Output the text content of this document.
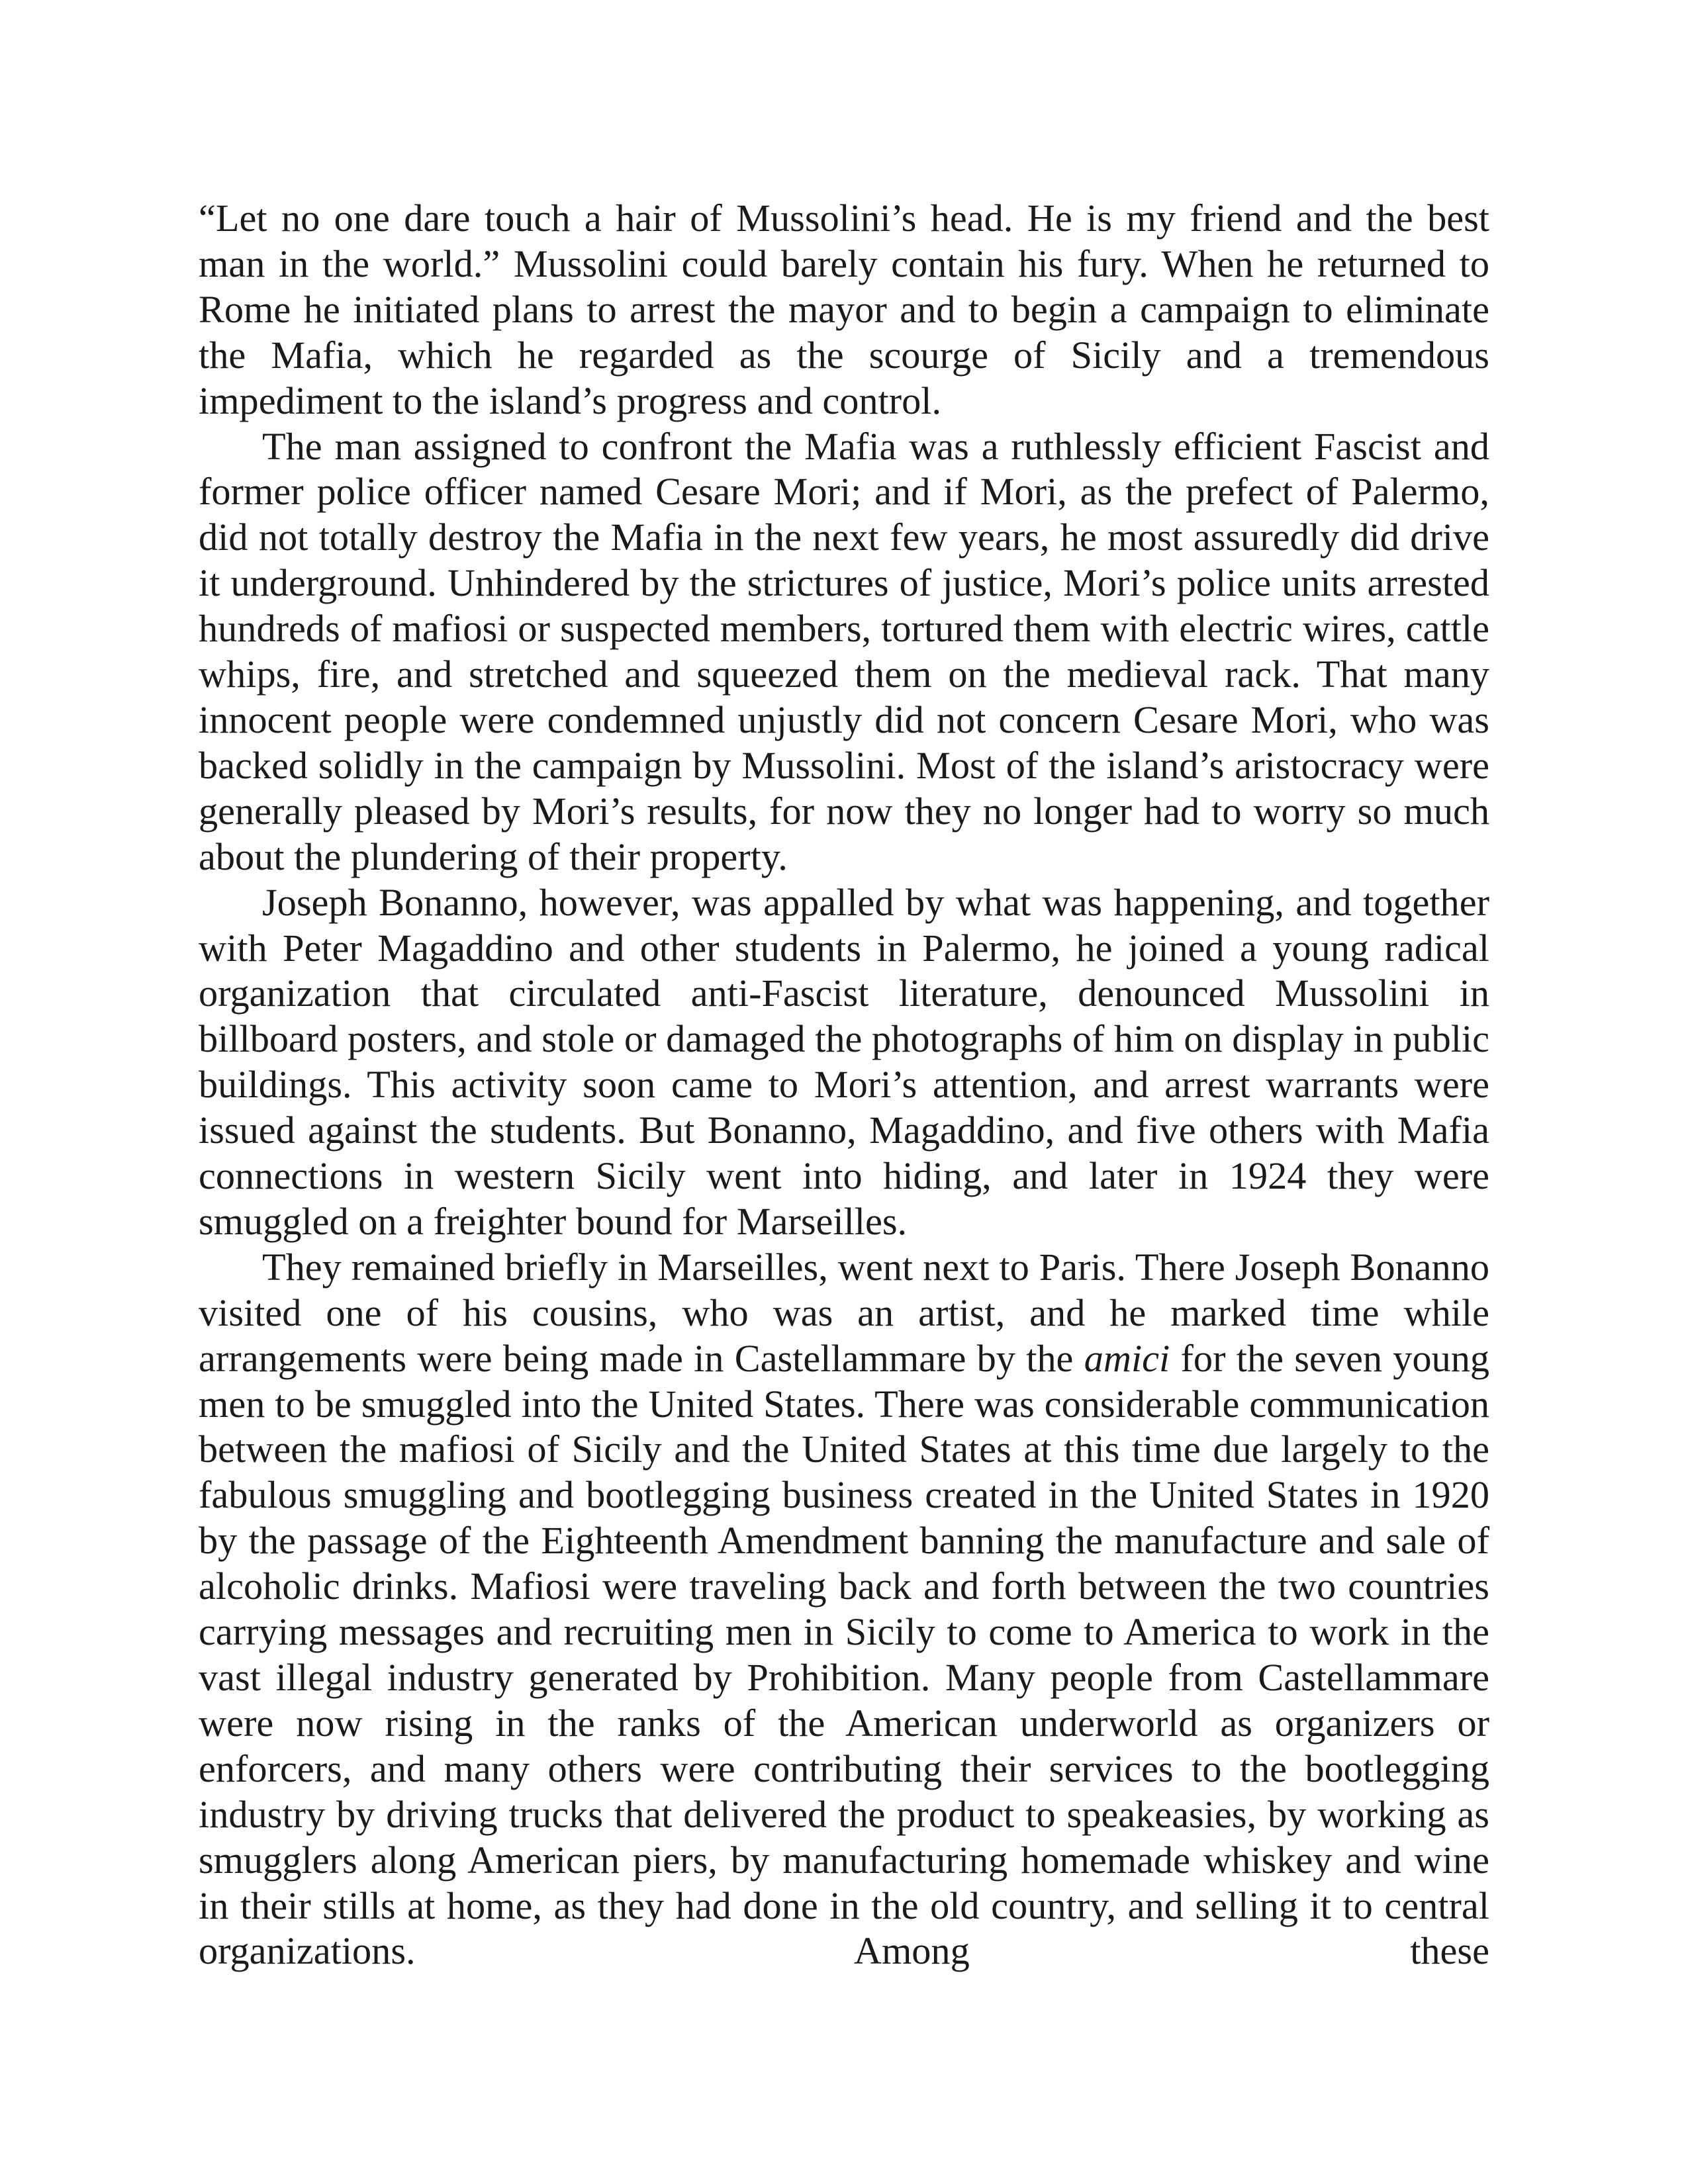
“Let no one dare touch a hair of Mussolini’s head. He is my friend and the best man in the world.” Mussolini could barely contain his fury. When he returned to Rome he initiated plans to arrest the mayor and to begin a campaign to eliminate the Mafia, which he regarded as the scourge of Sicily and a tremendous impediment to the island’s progress and control.

The man assigned to confront the Mafia was a ruthlessly efficient Fascist and former police officer named Cesare Mori; and if Mori, as the prefect of Palermo, did not totally destroy the Mafia in the next few years, he most assuredly did drive it underground. Unhindered by the strictures of justice, Mori’s police units arrested hundreds of mafiosi or suspected members, tortured them with electric wires, cattle whips, fire, and stretched and squeezed them on the medieval rack. That many innocent people were condemned unjustly did not concern Cesare Mori, who was backed solidly in the campaign by Mussolini. Most of the island’s aristocracy were generally pleased by Mori’s results, for now they no longer had to worry so much about the plundering of their property.

Joseph Bonanno, however, was appalled by what was happening, and together with Peter Magaddino and other students in Palermo, he joined a young radical organization that circulated anti-Fascist literature, denounced Mussolini in billboard posters, and stole or damaged the photographs of him on display in public buildings. This activity soon came to Mori’s attention, and arrest warrants were issued against the students. But Bonanno, Magaddino, and five others with Mafia connections in western Sicily went into hiding, and later in 1924 they were smuggled on a freighter bound for Marseilles.

They remained briefly in Marseilles, went next to Paris. There Joseph Bonanno visited one of his cousins, who was an artist, and he marked time while arrangements were being made in Castellammare by the amici for the seven young men to be smuggled into the United States. There was considerable communication between the mafiosi of Sicily and the United States at this time due largely to the fabulous smuggling and bootlegging business created in the United States in 1920 by the passage of the Eighteenth Amendment banning the manufacture and sale of alcoholic drinks. Mafiosi were traveling back and forth between the two countries carrying messages and recruiting men in Sicily to come to America to work in the vast illegal industry generated by Prohibition. Many people from Castellammare were now rising in the ranks of the American underworld as organizers or enforcers, and many others were contributing their services to the bootlegging industry by driving trucks that delivered the product to speakeasies, by working as smugglers along American piers, by manufacturing homemade whiskey and wine in their stills at home, as they had done in the old country, and selling it to central organizations. Among these
